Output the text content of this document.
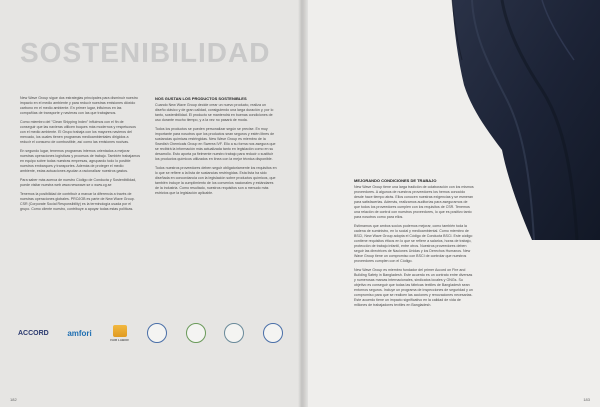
SOSTENIBILIDAD

New Wave Group sigue dos estrategias principales para disminuir nuestro impacto en el medio ambiente y para reducir nuestras emisiones dióxido carbono en el medio ambiente. En primer lugar, influimos en las compañías de transporte y navieras con las que trabajamos.

Como miembro del "Clean Shipping Index" influimos con el fin de conseguir que las navieras utilicen buques más modernos y respetuosos con el medio ambiente. El Grupo trabaja con los mayores navieros del mercado, los cuales tienen programas medioambientales dirigidos a reducir el consumo de combustible, así como las emisiones nocivas.

En segundo lugar, tenemos programas internos orientados a mejorar nuestras operaciones logísticas y procesos de trabajo. También trabajamos en equipo sobre todas nuestras empresas, agrupando todo lo posible nuestros embarques y transportes. Además de proteger el medio ambiente, estas actuaciones ayudan a racionalizar nuestros gastos.

Para saber más acerca de nuestro Código de Conducta y Sostenibilidad, puede visitar nuestra web www.newwave.se o www.cg.se

Tenemos la posibilidad de contribuir a marcar la diferencia a través de nuestras operaciones globales. PROJOB es parte de New Wave Group. CSR (Corporate Social Responsibility) es la terminología usada por el grupo. Como cliente nuestro, contribuye a apoyar todas estas políticas.

NOS GUSTAN LOS PRODUCTOS SOSTENIBLES

Cuando New Wave Group decide crear un nuevo producto, realiza un diseño clásico y de gran calidad, consiguiendo una larga duración y, por lo tanto, sostenibilidad. El producto se mantendrá en buenas condiciones de uso durante mucho tiempo, y a la vez no pasará de moda.

Todos los productos se pueden personalizar según se precise. En muy importante para nosotros que los productos sean seguros y estén libres de sustancias químicas restringidas. New Wave Group es miembro de la Swedish Chemicals Group en Swerea IVF. Ello a su forma nos asegura que se recibirá la información más actualizada tanto en legislación como en su desarrollo. Esto aporta ya fielmente nuestro trabajo para reducir o sustituir los productos químicos utilizados en línea con la mejor técnica disponible.

Todos nuestros proveedores deben seguir obligatoriamente los requisitos en lo que se refiere a la lista de sustancias restringidas. Esta lista ha sido diseñada en concordancia con la legislación sobre productos químicos, que también incluye la cumplimiento de los convenios nacionales y estándares de la industria. Como resultado, nuestros requisitos son a menudo más estrictos que la legislación aplicable.

ACCORD amfori
FAIR LABOR
182
MEJORANDO CONDICIONES DE TRABAJO

New Wave Group tiene una larga tradición de colaboración con los mismos proveedores. A algunos de nuestros proveedores los hemos conocido desde hace tiempo atrás. Ellos conocen nuestras exigencias y se esmeran para satisfacerlas. Además, realizamos auditorías para asegurarnos de que todos los proveedores cumplen con los requisitos de CSR. Tenemos una relación de control con nuestros proveedores, lo que es positivo tanto para nosotros como para ellos.

Estimamos que ambos socios podemos mejorar, como también toda la cadena de suministro, en lo social y medioambiental. Como miembro de BSCI, New Wave Group adopta el Código de Conducta BSCI. Este código contiene requisitos éticos en lo que se refiere a salarios, horas de trabajo, protección de trabajo infantil, entre otros. Nuestros proveedores deben seguir las directrices de Naciones Unidas y los Derechos Humanos. New Wave Group tiene un compromiso con BSCI de controlar que nuestros proveedores cumplen con el Código.

New Wave Group es miembro fundador del primer Accord on Fire and Building Safety in Bangladesh. Este acuerdo es un contrato entre diversas y numerosas marcas internacionales, sindicatos locales y ONGs. Su objetivo es conseguir que todas las fábricas textiles de Bangladesh sean entornos seguros. Incluye un programa de inspecciones de seguridad y un compromiso para que se realicen las acciones y renovaciones necesarias. Este acuerdo tiene un impacto significativo en la calidad de vida de millones de trabajadores textiles en Bangladesh.

183
